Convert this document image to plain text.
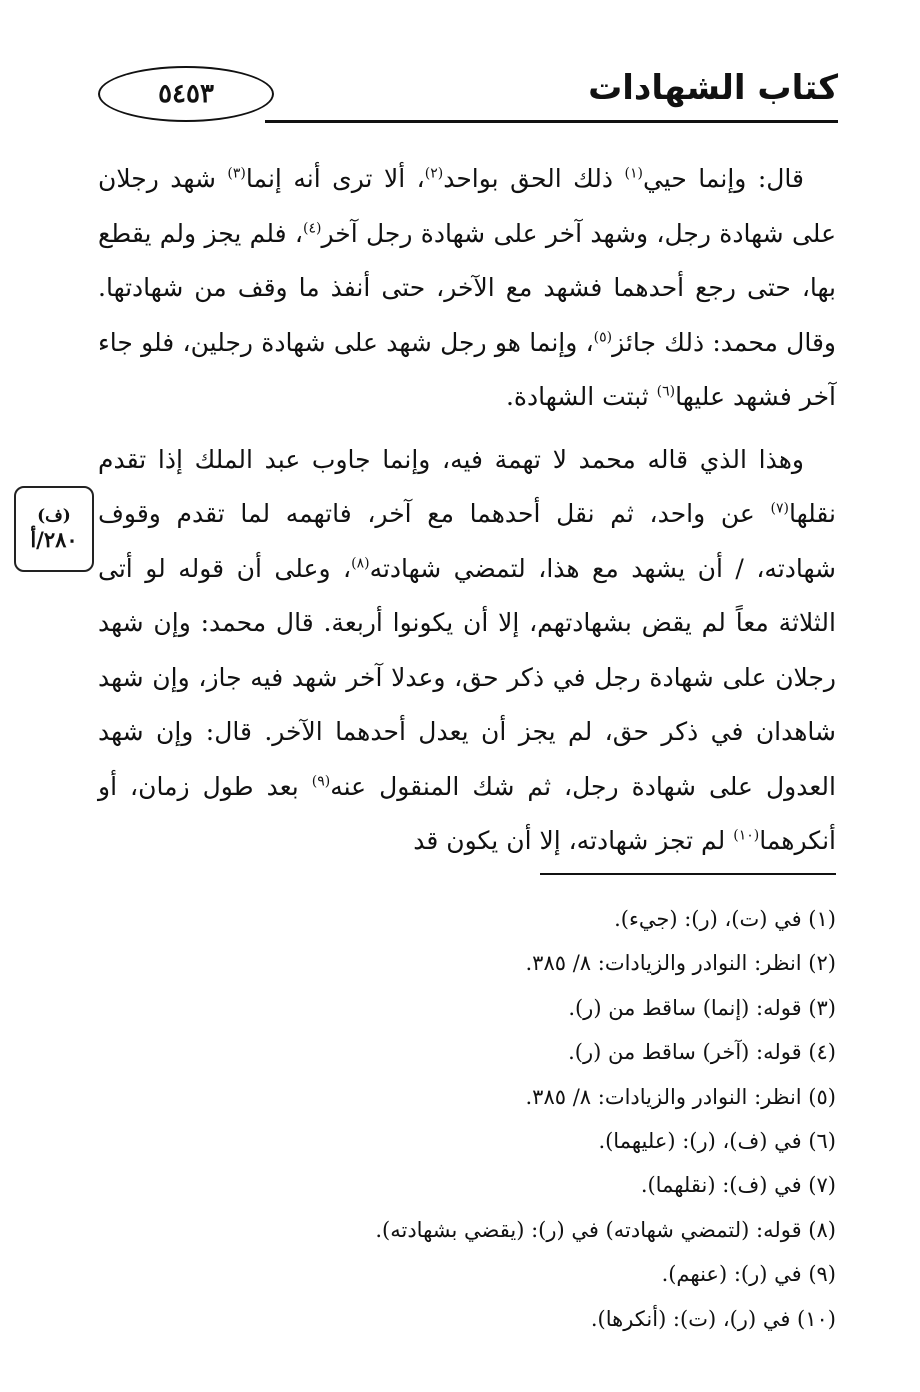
٥٤٥٣	كتاب الشهادات
(ف)
٢٨٠/أ

قال: وإنما حيي$^{(١)}$ ذلك الحق بواحد$^{(٢)}$، ألا ترى أنه إنما$^{(٣)}$ شهد رجلان على شهادة رجل، وشهد آخر على شهادة رجل آخر$^{(٤)}$، فلم يجز ولم يقطع بها، حتى رجع أحدهما فشهد مع الآخر، حتى أنفذ ما وقف من شهادتها. وقال محمد: ذلك جائز$^{(٥)}$، وإنما هو رجل شهد على شهادة رجلين، فلو جاء آخر فشهد عليها$^{(٦)}$ ثبتت الشهادة.

وهذا الذي قاله محمد لا تهمة فيه، وإنما جاوب عبد الملك إذا تقدم نقلها$^{(٧)}$ عن واحد، ثم نقل أحدهما مع آخر، فاتهمه لما تقدم وقوف شهادته، / أن يشهد مع هذا، لتمضي شهادته$^{(٨)}$، وعلى أن قوله لو أتى الثلاثة معاً لم يقض بشهادتهم، إلا أن يكونوا أربعة. قال محمد: وإن شهد رجلان على شهادة رجل في ذكر حق، وعدلا آخر شهد فيه جاز، وإن شهد شاهدان في ذكر حق، لم يجز أن يعدل أحدهما الآخر. قال: وإن شهد العدول على شهادة رجل، ثم شك المنقول عنه$^{(٩)}$ بعد طول زمان، أو أنكرهما$^{(١٠)}$ لم تجز شهادته، إلا أن يكون قد

(١) في (ت)، (ر): (جيء).
(٢) انظر: النوادر والزيادات: ٨/ ٣٨٥.
(٣) قوله: (إنما) ساقط من (ر).
(٤) قوله: (آخر) ساقط من (ر).
(٥) انظر: النوادر والزيادات: ٨/ ٣٨٥.
(٦) في (ف)، (ر): (عليهما).
(٧) في (ف): (نقلهما).
(٨) قوله: (لتمضي شهادته) في (ر): (يقضي بشهادته).
(٩) في (ر): (عنهم).
(١٠) في (ر)، (ت): (أنكرها).
